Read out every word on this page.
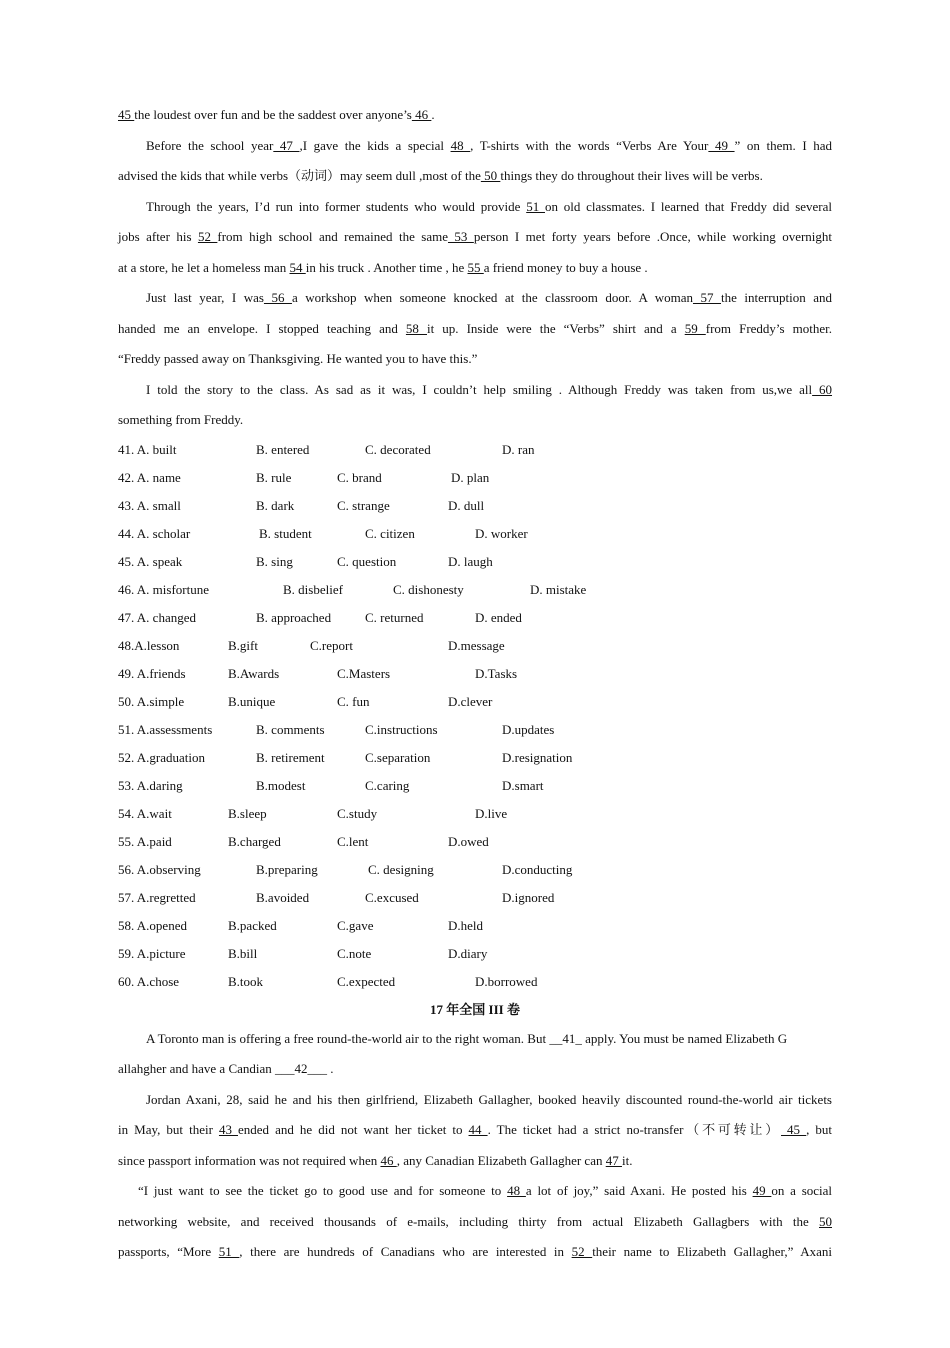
45 the loudest over fun and be the saddest over anyone’s 46 .
Before the school year 47 ,I gave the kids a special 48 , T-shirts with the words “Verbs Are Your 49 ” on them. I had
advised the kids that while verbs（动词）may seem dull ,most of the 50 things they do throughout their lives will be verbs.
Through the years, I’d run into former students who would provide 51 on old classmates. I learned that Freddy did several
jobs after his 52 from high school and remained the same 53 person I met forty years before .Once, while working overnight
at a store, he let a homeless man 54 in his truck . Another time , he 55 a friend money to buy a house .
Just last year, I was 56 a workshop when someone knocked at the classroom door. A woman 57 the interruption and
handed me an envelope. I stopped teaching and 58 it up. Inside were the “Verbs” shirt and a 59 from Freddy’s mother.
“Freddy passed away on Thanksgiving. He wanted you to have this.”
I told the story to the class. As sad as it was, I couldn’t help smiling . Although Freddy was taken from us,we all 60
something from Freddy.
41. A. built	B. entered	C. decorated	D. ran
42. A. name	B. rule	C. brand	D. plan
43. A. small	B. dark	C. strange	D. dull
44. A. scholar	B. student	C. citizen	D. worker
45. A. speak	B. sing	C. question	D. laugh
46. A. misfortune	B. disbelief	C. dishonesty	D. mistake
47. A. changed	B. approached	C. returned	D. ended
48.A.lesson	B.gift	C.report	D.message
49. A.friends	B.Awards	C.Masters	D.Tasks
50. A.simple	B.unique	C. fun	D.clever
51. A.assessments	B. comments	C.instructions	D.updates
52. A.graduation	B. retirement	C.separation	D.resignation
53. A.daring	B.modest	C.caring	D.smart
54. A.wait	B.sleep	C.study	D.live
55. A.paid	B.charged	C.lent	D.owed
56. A.observing	B.preparing	C. designing	D.conducting
57. A.regretted	B.avoided	C.excused	D.ignored
58. A.opened	B.packed	C.gave	D.held
59. A.picture	B.bill	C.note	D.diary
60. A.chose	B.took	C.expected	D.borrowed
17 年全国 III 卷
A Toronto man is offering a free round-the-world air to the right woman. But __41_ apply. You must be named Elizabeth G
allahgher and have a Candian ___42___ .
Jordan Axani, 28, said he and his then girlfriend, Elizabeth Gallagher, booked heavily discounted round-the-world air tickets
in May, but their 43 ended and he did not want her ticket to 44 . The ticket had a strict no-transfer（不可转让） 45 , but
since passport information was not required when 46 , any Canadian Elizabeth Gallagher can 47 it.
“I just want to see the ticket go to good use and for someone to 48 a lot of joy,” said Axani. He posted his 49 on a social
networking website, and received thousands of e-mails, including thirty from actual Elizabeth Gallagbers with the 50
passports, “More 51 , there are hundreds of Canadians who are interested in 52 their name to Elizabeth Gallagher,” Axani
